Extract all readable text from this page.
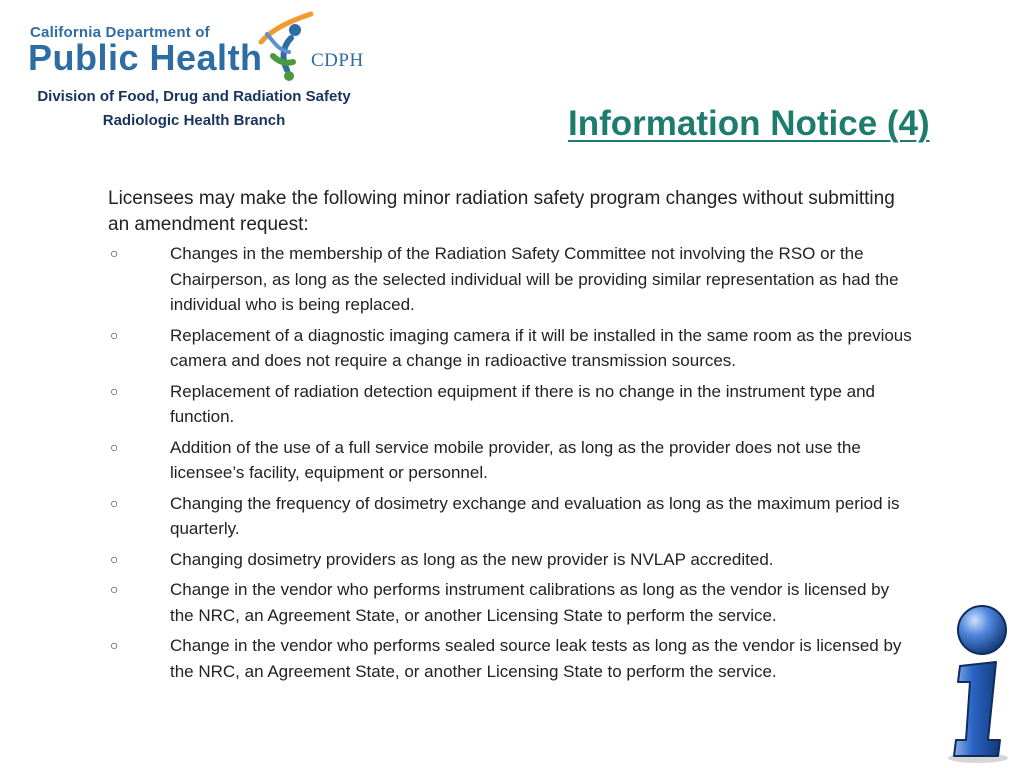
California Department of
Public Health	CDPH
Division of Food, Drug and Radiation Safety
Radiologic Health Branch	Information Notice (4)

Licensees may make the following minor radiation safety program changes without submitting an amendment request:

○	Changes in the membership of the Radiation Safety Committee not involving the RSO or the Chairperson, as long as the selected individual will be providing similar representation as had the individual who is being replaced.
○	Replacement of a diagnostic imaging camera if it will be installed in the same room as the previous camera and does not require a change in radioactive transmission sources.
○	Replacement of radiation detection equipment if there is no change in the instrument type and function.
○	Addition of the use of a full service mobile provider, as long as the provider does not use the licensee’s facility, equipment or personnel.
○	Changing the frequency of dosimetry exchange and evaluation as long as the maximum period is quarterly.
○	Changing dosimetry providers as long as the new provider is NVLAP accredited.
○	Change in the vendor who performs instrument calibrations as long as the vendor is licensed by the NRC, an Agreement State, or another Licensing State to perform the service.
○	Change in the vendor who performs sealed source leak tests as long as the vendor is licensed by the NRC, an Agreement State, or another Licensing State to perform the service.
